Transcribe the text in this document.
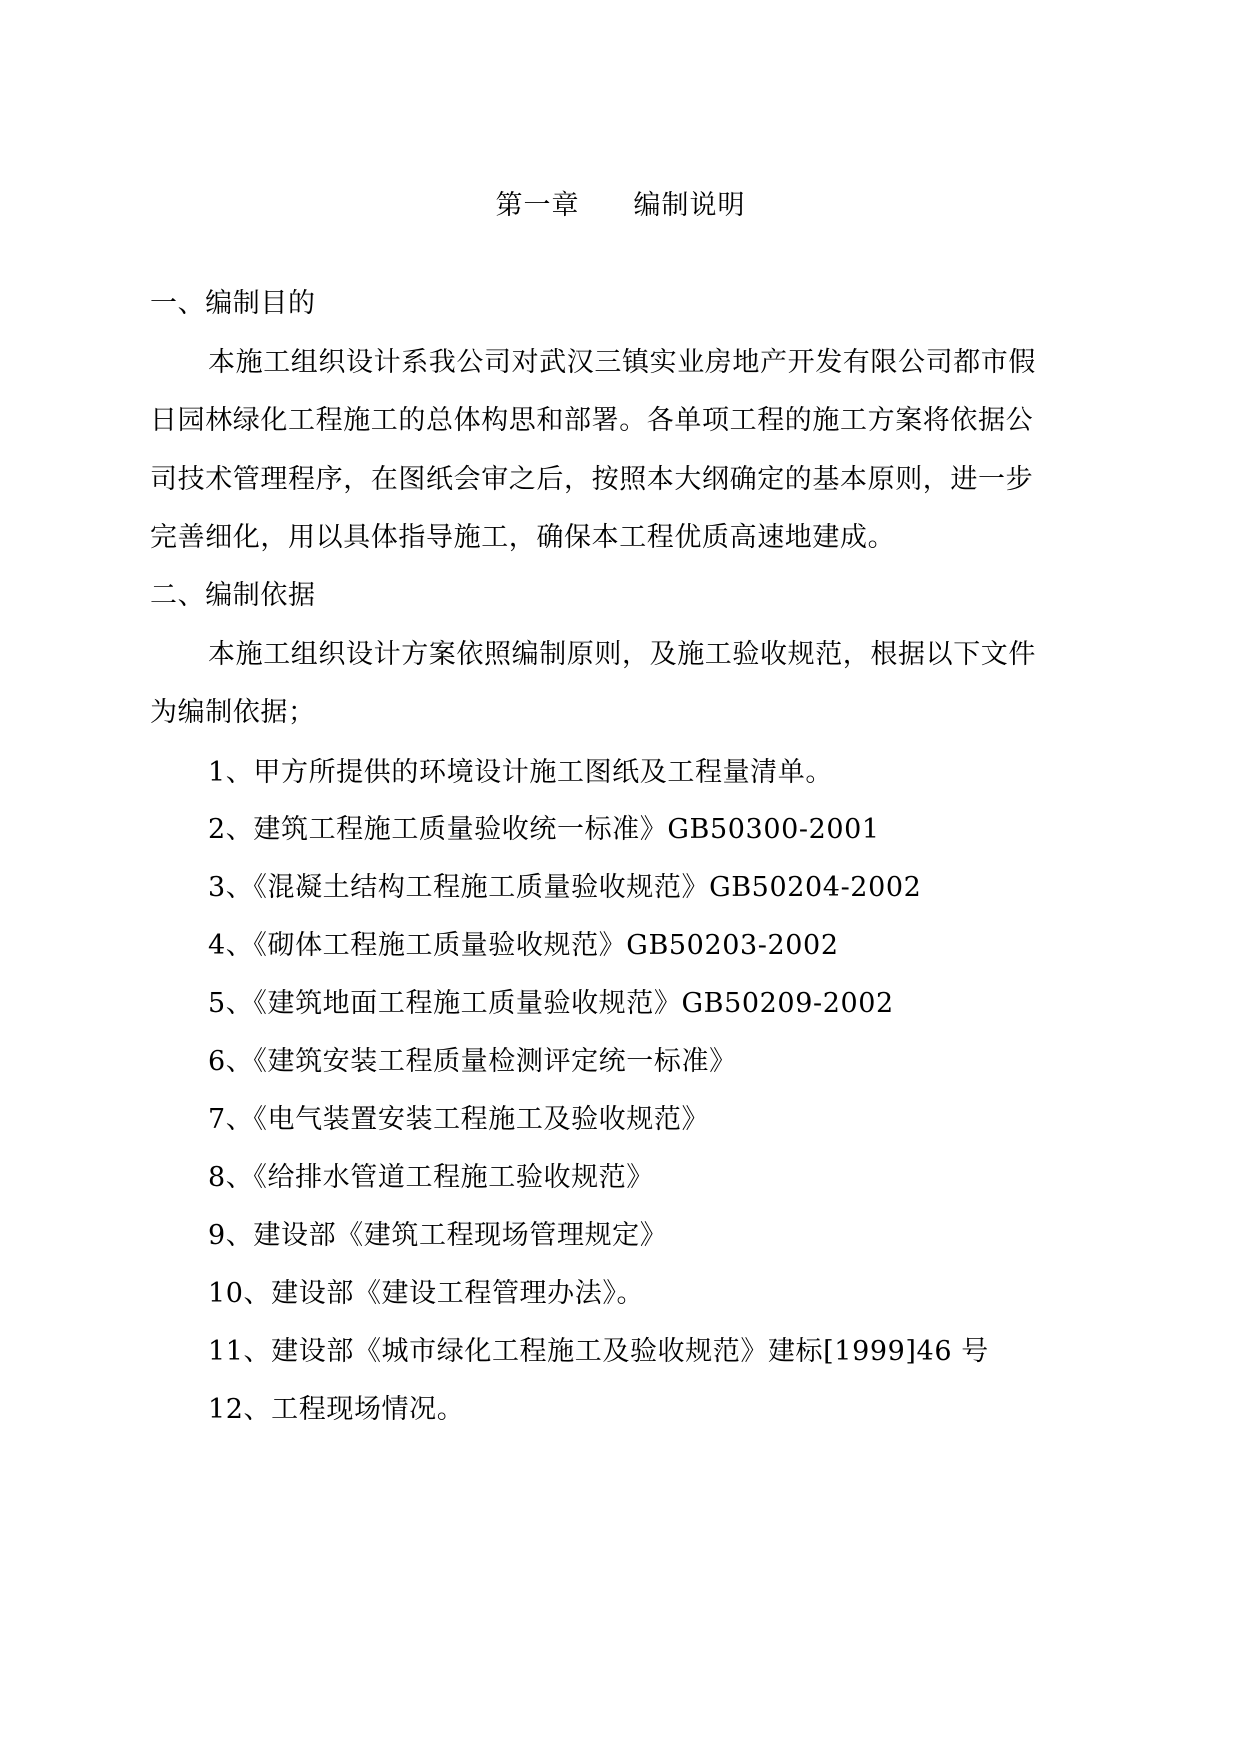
第一章 编制说明
一、编制目的
本施工组织设计系我公司对武汉三镇实业房地产开发有限公司都市假
日园林绿化工程施工的总体构思和部署。各单项工程的施工方案将依据公
司技术管理程序，在图纸会审之后，按照本大纲确定的基本原则，进一步
完善细化，用以具体指导施工，确保本工程优质高速地建成。
二、编制依据
本施工组织设计方案依照编制原则，及施工验收规范，根据以下文件
为编制依据；
1、甲方所提供的环境设计施工图纸及工程量清单。
2、建筑工程施工质量验收统一标准》GB50300-2001
3、《混凝土结构工程施工质量验收规范》GB50204-2002
4、《砌体工程施工质量验收规范》GB50203-2002
5、《建筑地面工程施工质量验收规范》GB50209-2002
6、《建筑安装工程质量检测评定统一标准》
7、《电气装置安装工程施工及验收规范》
8、《给排水管道工程施工验收规范》
9、建设部《建筑工程现场管理规定》
10、建设部《建设工程管理办法》。
11、建设部《城市绿化工程施工及验收规范》建标[1999]46 号
12、工程现场情况。
